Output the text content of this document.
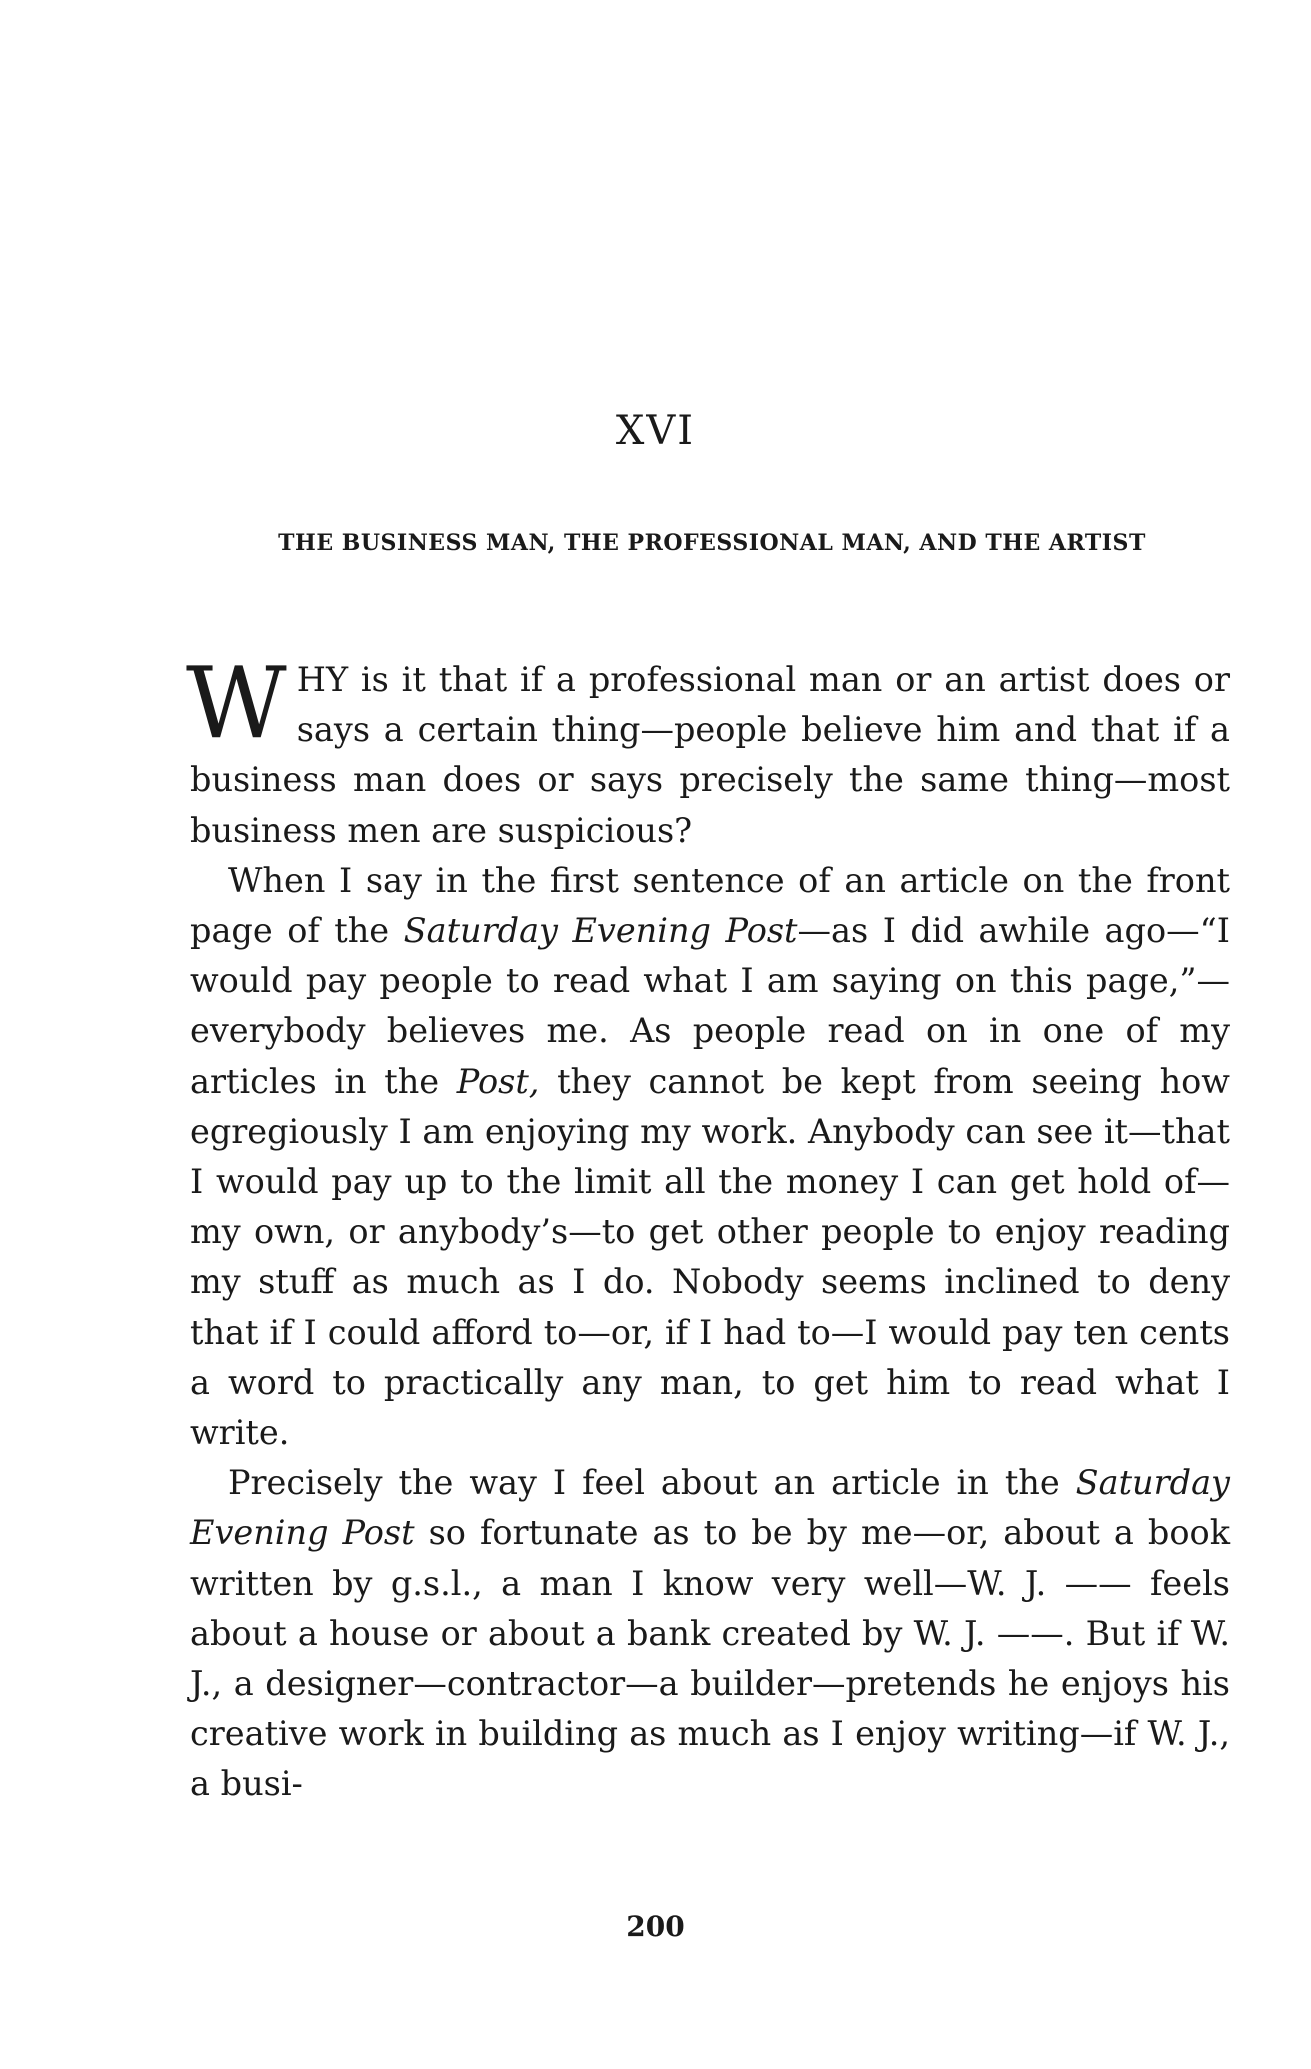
XVI
THE BUSINESS MAN, THE PROFESSIONAL MAN, AND THE ARTIST

WHY is it that if a professional man or an artist does or says a certain thing—people believe him and that if a business man does or says precisely the same thing—most business men are suspicious?

When I say in the first sentence of an article on the front page of the Saturday Evening Post—as I did awhile ago—“I would pay people to read what I am saying on this page,”—everybody believes me. As people read on in one of my articles in the Post, they cannot be kept from seeing how egregiously I am enjoying my work. Anybody can see it—that I would pay up to the limit all the money I can get hold of—my own, or anybody’s—to get other people to enjoy reading my stuff as much as I do. Nobody seems inclined to deny that if I could afford to—or, if I had to—I would pay ten cents a word to practically any man, to get him to read what I write.

Precisely the way I feel about an article in the Saturday Evening Post so fortunate as to be by me—or, about a book written by g.s.l., a man I know very well—W. J. —— feels about a house or about a bank created by W. J. ——. But if W. J., a designer—contractor—a builder—pretends he enjoys his creative work in building as much as I enjoy writing—if W. J., a busi-

200
